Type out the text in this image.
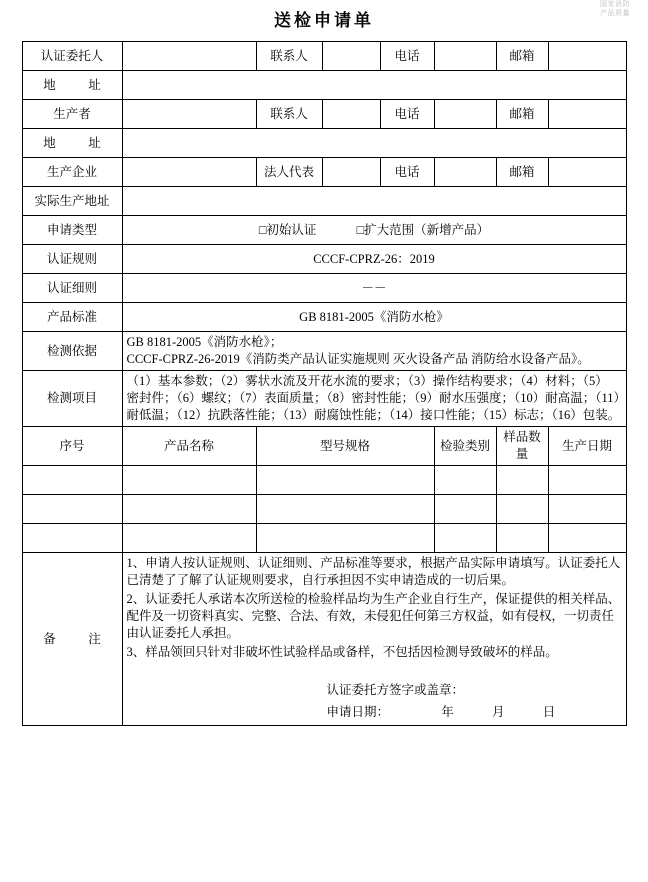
国家消防
产品质量
送检申请单
认证委托人		联系人		电话		邮箱	
地　址							
生产者		联系人		电话		邮箱	
地　址							
生产企业		法人代表		电话		邮箱	
实际生产地址							
申请类型	□初始认证 □扩大范围（新增产品）						
认证规则	CCCF-CPRZ-26：2019						
认证细则	－－						
产品标准	GB 8181-2005《消防水枪》						
检测依据	GB 8181-2005《消防水枪》；
CCCF-CPRZ-26-2019《消防类产品认证实施规则 灭火设备产品 消防给水设备产品》。						

检测项目	（1）基本参数；（2）雾状水流及开花水流的要求；（3）操作结构要求；（4）材料；（5）
密封件；（6）螺纹；（7）表面质量；（8）密封性能；（9）耐水压强度；（10）耐高温；（11）
耐低温；（12）抗跌落性能；（13）耐腐蚀性能；（14）接口性能；（15）标志；（16）包装。						

序号	产品名称	型号规格			检验类别	样品数量	生产日期

备　注	1、申请人按认证规则、认证细则、产品标准等要求，根据产品实际申请填写。认证委托人已清楚了了解了认证规则要求，自行承担因不实申请造成的一切后果。

2、认证委托人承诺本次所送检的检验样品均为生产企业自行生产，保证提供的相关样品、配件及一切资料真实、完整、合法、有效，未侵犯任何第三方权益，如有侵权，一切责任由认证委托人承担。

3、样品领回只针对非破坏性试验样品或备样，不包括因检测导致破坏的样品。

认证委托方签字或盖章：

申请日期： 年 月 日						
